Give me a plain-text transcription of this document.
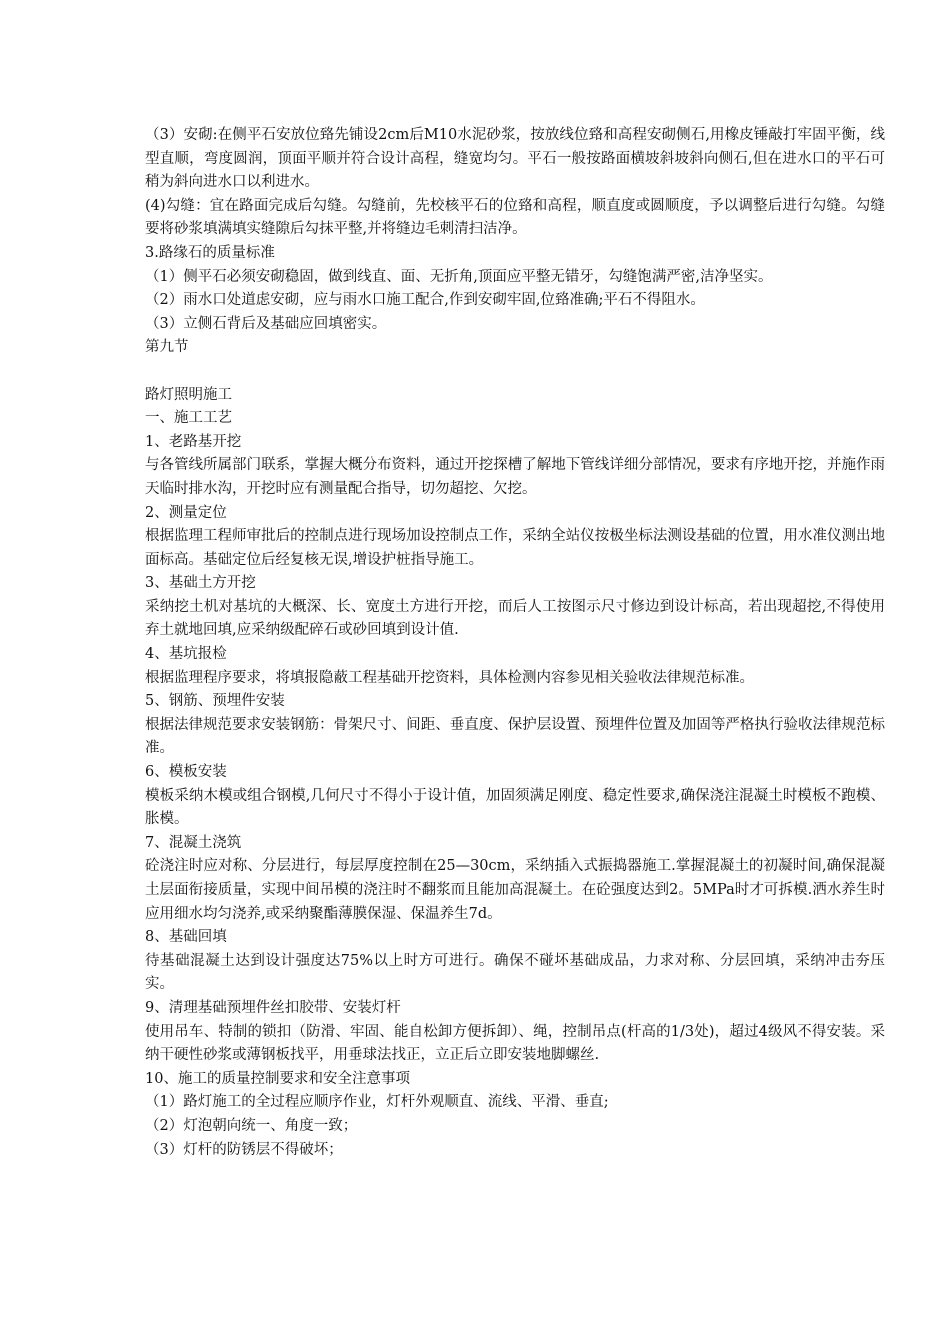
（3）安砌:在侧平石安放位臵先铺设2cm后M10水泥砂浆，按放线位臵和高程安砌侧石,用橡皮锤敲打牢固平衡，线型直顺，弯度圆润，顶面平顺并符合设计高程，缝宽均匀。平石一般按路面横坡斜坡斜向侧石,但在进水口的平石可稍为斜向进水口以利进水。

(4)勾缝：宜在路面完成后勾缝。勾缝前，先校核平石的位臵和高程，顺直度或圆顺度，予以调整后进行勾缝。勾缝要将砂浆填满填实缝隙后勾抹平整,并将缝边毛刺清扫洁净。

3.路缘石的质量标准

（1）侧平石必须安砌稳固，做到线直、面、无折角,顶面应平整无错牙，勾缝饱满严密,洁净坚实。

（2）雨水口处道虑安砌，应与雨水口施工配合,作到安砌牢固,位臵准确;平石不得阻水。

（3）立侧石背后及基础应回填密实。

第九节

路灯照明施工

一、施工工艺

1、老路基开挖

与各管线所属部门联系，掌握大概分布资料，通过开挖探槽了解地下管线详细分部情况，要求有序地开挖，并施作雨天临时排水沟，开挖时应有测量配合指导，切勿超挖、欠挖。

2、测量定位

根据监理工程师审批后的控制点进行现场加设控制点工作，采纳全站仪按极坐标法测设基础的位置，用水准仪测出地面标高。基础定位后经复核无误,增设护桩指导施工。

3、基础土方开挖

采纳挖土机对基坑的大概深、长、宽度土方进行开挖，而后人工按图示尺寸修边到设计标高，若出现超挖,不得使用弃土就地回填,应采纳级配碎石或砂回填到设计值.

4、基坑报检

根据监理程序要求，将填报隐蔽工程基础开挖资料，具体检测内容参见相关验收法律规范标准。

5、钢筋、预埋件安装

根据法律规范要求安装钢筋：骨架尺寸、间距、垂直度、保护层设置、预埋件位置及加固等严格执行验收法律规范标准。

6、模板安装

模板采纳木模或组合钢模,几何尺寸不得小于设计值，加固须满足刚度、稳定性要求,确保浇注混凝土时模板不跑模、胀模。

7、混凝土浇筑

砼浇注时应对称、分层进行，每层厚度控制在25—30cm，采纳插入式振捣器施工.掌握混凝土的初凝时间,确保混凝土层面衔接质量，实现中间吊模的浇注时不翻浆而且能加高混凝土。在砼强度达到2。5MPa时才可拆模.洒水养生时应用细水均匀浇养,或采纳聚酯薄膜保湿、保温养生7d。

8、基础回填

待基础混凝土达到设计强度达75%以上时方可进行。确保不碰坏基础成品，力求对称、分层回填，采纳冲击夯压实。

9、清理基础预埋件丝扣胶带、安装灯杆

使用吊车、特制的锁扣（防滑、牢固、能自松卸方便拆卸）、绳，控制吊点(杆高的1/3处)，超过4级风不得安装。采纳干硬性砂浆或薄钢板找平，用垂球法找正，立正后立即安装地脚螺丝.

10、施工的质量控制要求和安全注意事项

（1）路灯施工的全过程应顺序作业，灯杆外观顺直、流线、平滑、垂直;

（2）灯泡朝向统一、角度一致；

（3）灯杆的防锈层不得破坏；
